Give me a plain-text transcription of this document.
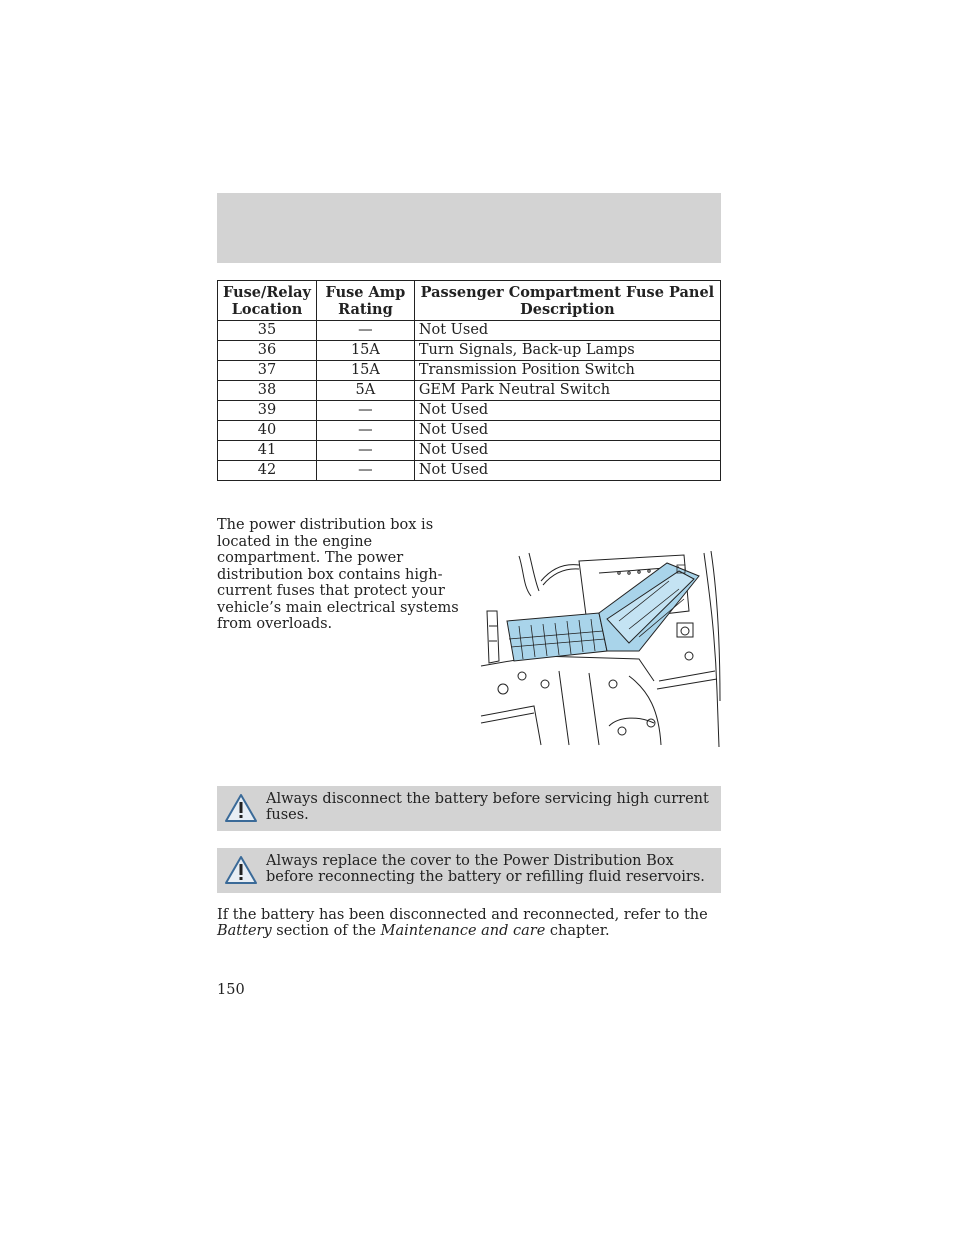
Fuse/Relay Location	Fuse Amp Rating	Passenger Compartment Fuse Panel Description
35	—	Not Used
36	15A	Turn Signals, Back-up Lamps
37	15A	Transmission Position Switch
38	5A	GEM Park Neutral Switch
39	—	Not Used
40	—	Not Used
41	—	Not Used
42	—	Not Used
The power distribution box is located in the engine compartment. The power distribution box contains high-current fuses that protect your vehicle’s main electrical systems from overloads.
Always disconnect the battery before servicing high current fuses.
Always replace the cover to the Power Distribution Box before reconnecting the battery or refilling fluid reservoirs.
If the battery has been disconnected and reconnected, refer to the Battery section of the Maintenance and care chapter.
150
